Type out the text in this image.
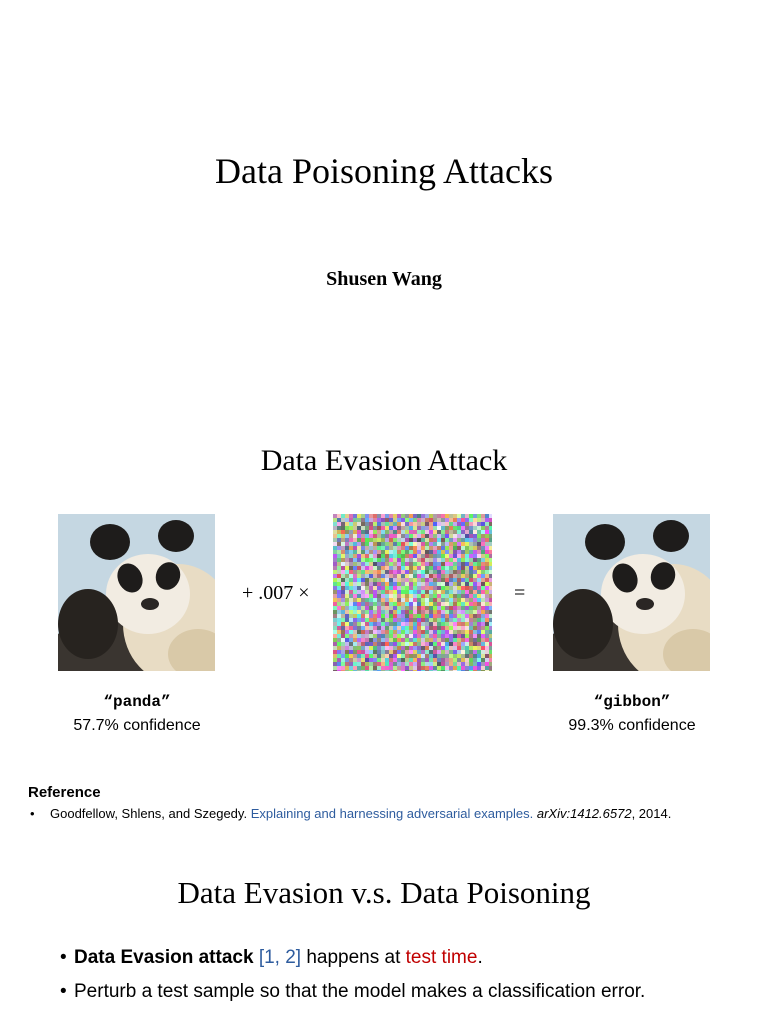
Data Poisoning Attacks
Shusen Wang
Data Evasion Attack
+ .007 ×	=
“panda”
57.7% confidence
“gibbon”
99.3% confidence
Reference
• Goodfellow, Shlens, and Szegedy. Explaining and harnessing adversarial examples. arXiv:1412.6572, 2014.
Data Evasion v.s. Data Poisoning
• Data Evasion attack [1, 2] happens at test time.
• Perturb a test sample so that the model makes a classification error.
